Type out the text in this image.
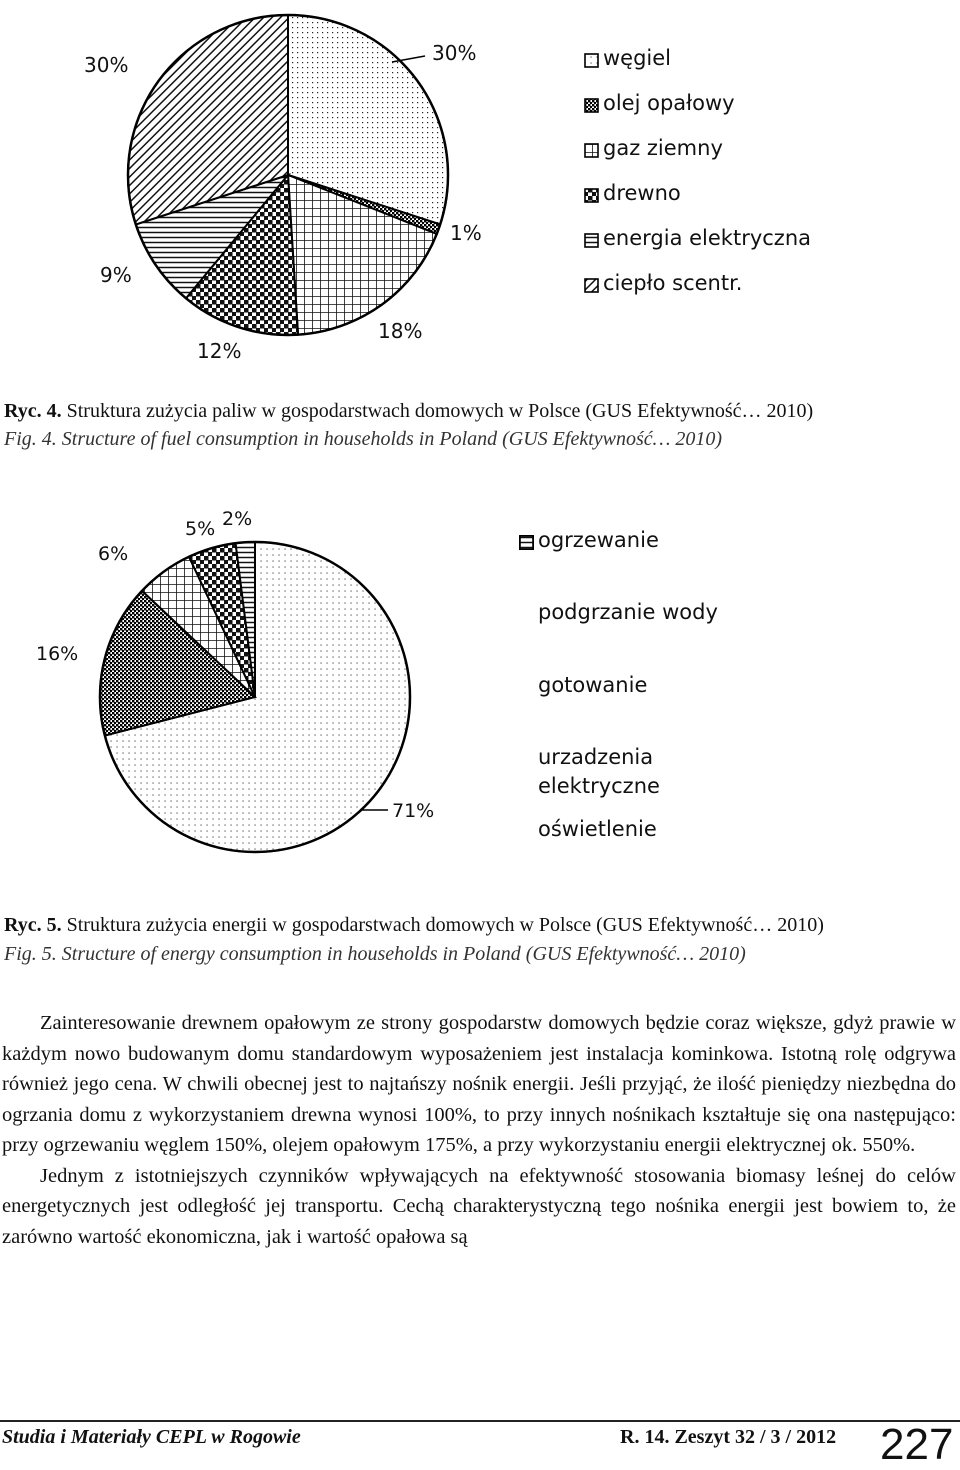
30%
1%
18%
12%
9%
30%	węgiel
olej opałowy
gaz ziemny
drewno
energia elektryczna
ciepło scentr.
71%
16%
6%
5% 2%
ogrzewanie
podgrzanie wody
gotowanie
urzadzenia
elektryczne
oświetlenie
Ryc. 4. Struktura zużycia paliw w gospodarstwach domowych w Polsce (GUS Efektywność… 2010)
Fig. 4. Structure of fuel consumption in households in Poland (GUS Efektywność… 2010)
Ryc. 5. Struktura zużycia energii w gospodarstwach domowych w Polsce (GUS Efektywność… 2010)
Fig. 5. Structure of energy consumption in households in Poland (GUS Efektywność… 2010)

Zainteresowanie drewnem opałowym ze strony gospodarstw domowych będzie coraz większe, gdyż prawie w każdym nowo budowanym domu standardowym wyposażeniem jest instalacja kominkowa. Istotną rolę odgrywa również jego cena. W chwili obecnej jest to najtańszy nośnik energii. Jeśli przyjąć, że ilość pieniędzy niezbędna do ogrzania domu z wykorzystaniem drewna wynosi 100%, to przy innych nośnikach kształtuje się ona następująco: przy ogrzewaniu węglem 150%, olejem opałowym 175%, a przy wykorzystaniu energii elektrycznej ok. 550%.

Jednym z istotniejszych czynników wpływających na efektywność stosowania biomasy leśnej do celów energetycznych jest odległość jej transportu. Cechą charakterystyczną tego nośnika energii jest bowiem to, że zarówno wartość ekonomiczna, jak i wartość opałowa są

Studia i Materiały CEPL w Rogowie	R. 14. Zeszyt 32 / 3 / 2012 227
